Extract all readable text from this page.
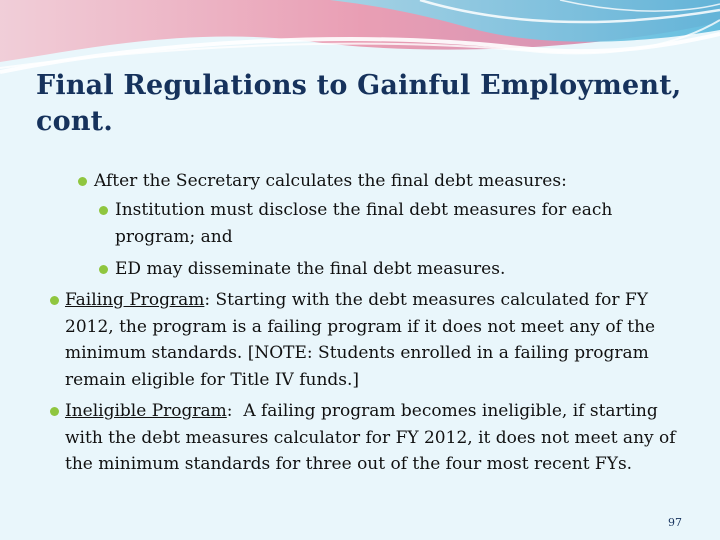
Final Regulations to Gainful Employment, cont.
After the Secretary calculates the final debt measures:
Institution must disclose the final debt measures for each program; and
ED may disseminate the final debt measures.
Failing Program: Starting with the debt measures calculated for FY 2012, the program is a failing program if it does not meet any of the minimum standards. [NOTE: Students enrolled in a failing program remain eligible for Title IV funds.]
Ineligible Program:  A failing program becomes ineligible, if starting with the debt measures calculator for FY 2012, it does not meet any of the minimum standards for three out of the four most recent FYs.
97
